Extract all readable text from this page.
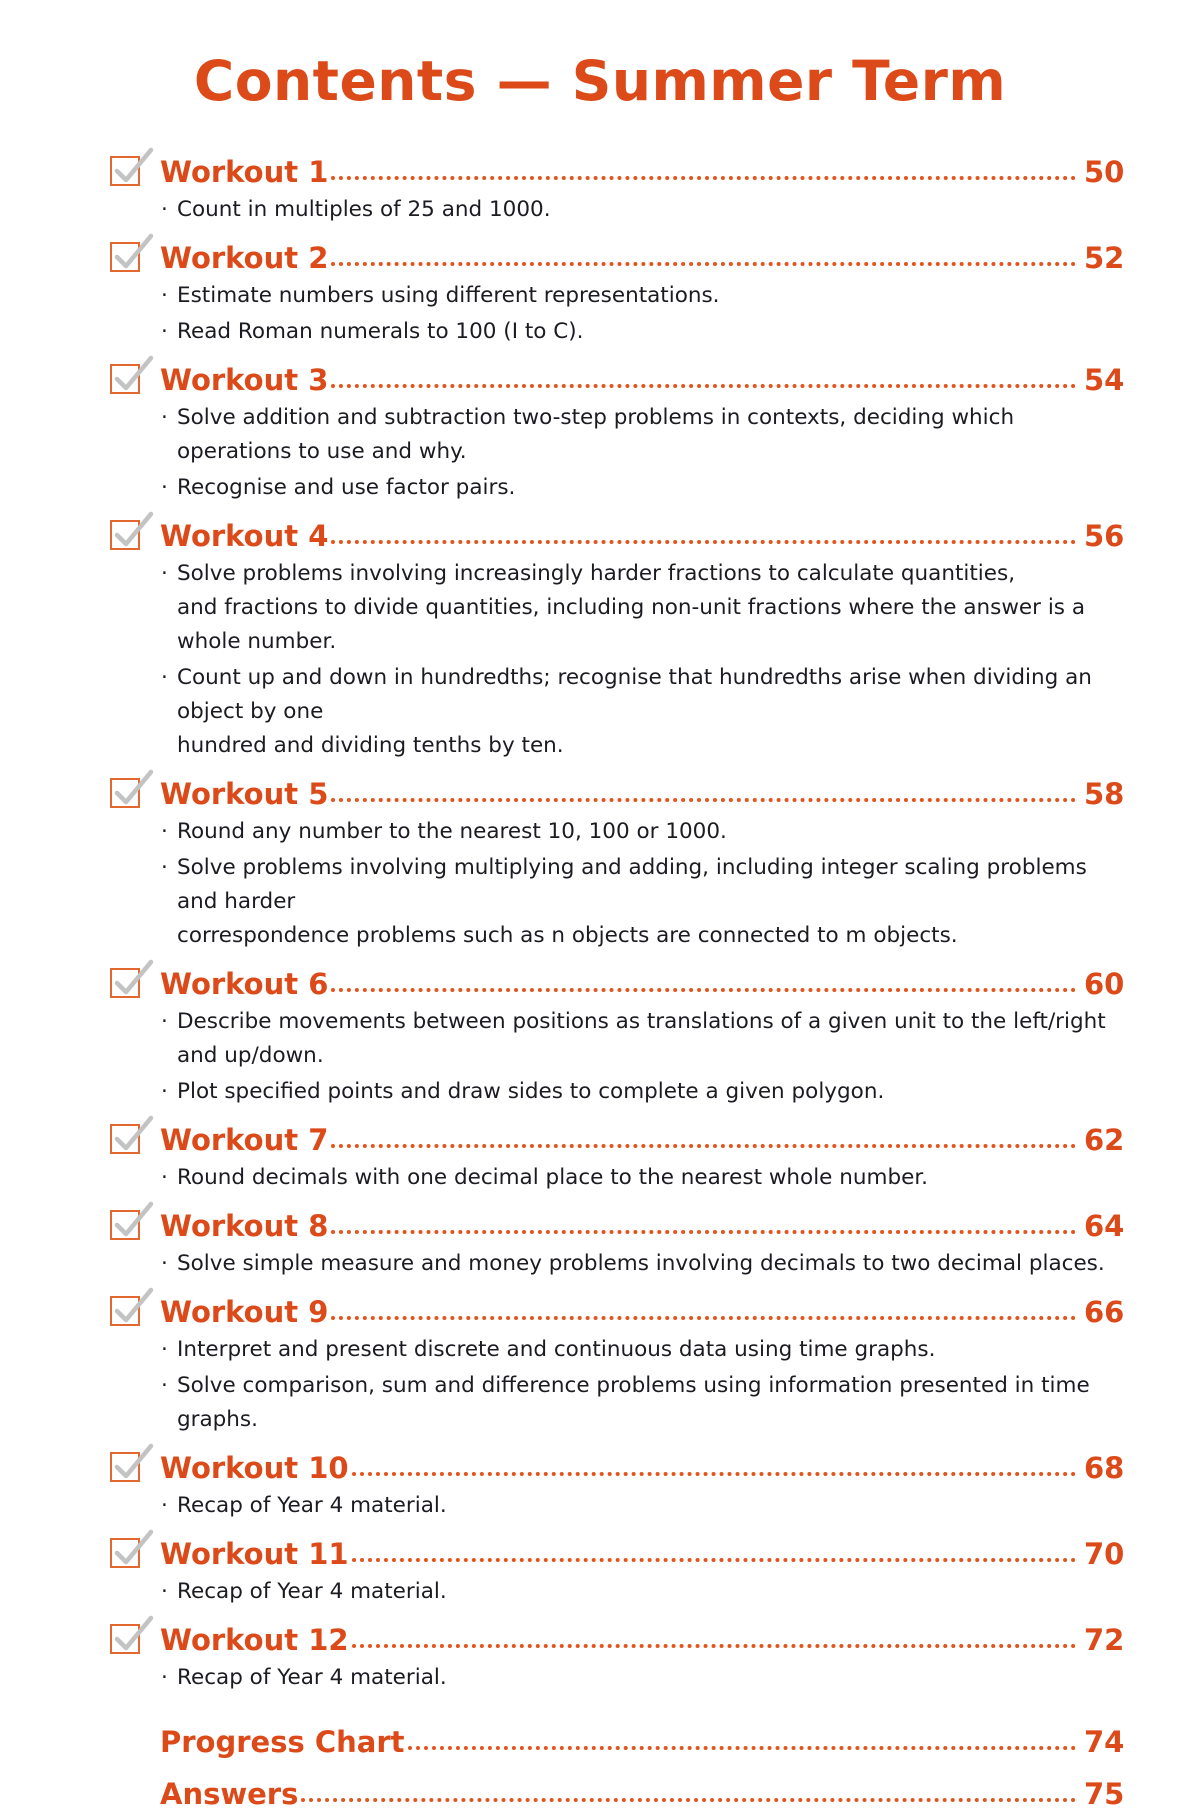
Contents — Summer Term
Workout 1	50
· Count in multiples of 25 and 1000.
Workout 2	52
· Estimate numbers using different representations.
· Read Roman numerals to 100 (I to C).
Workout 3	54
· Solve addition and subtraction two-step problems in contexts, deciding which operations to use and why.
· Recognise and use factor pairs.
Workout 4	56
· Solve problems involving increasingly harder fractions to calculate quantities,
and fractions to divide quantities, including non-unit fractions where the answer is a whole number.
· Count up and down in hundredths; recognise that hundredths arise when dividing an object by one
hundred and dividing tenths by ten.
Workout 5	58
· Round any number to the nearest 10, 100 or 1000.
· Solve problems involving multiplying and adding, including integer scaling problems and harder
correspondence problems such as n objects are connected to m objects.
Workout 6	60
· Describe movements between positions as translations of a given unit to the left/right and up/down.
· Plot specified points and draw sides to complete a given polygon.
Workout 7	62
· Round decimals with one decimal place to the nearest whole number.
Workout 8	64
· Solve simple measure and money problems involving decimals to two decimal places.
Workout 9	66
· Interpret and present discrete and continuous data using time graphs.
· Solve comparison, sum and difference problems using information presented in time graphs.
Workout 10	68
· Recap of Year 4 material.
Workout 11	70
· Recap of Year 4 material.
Workout 12	72
· Recap of Year 4 material.
Progress Chart	74
Answers	75
